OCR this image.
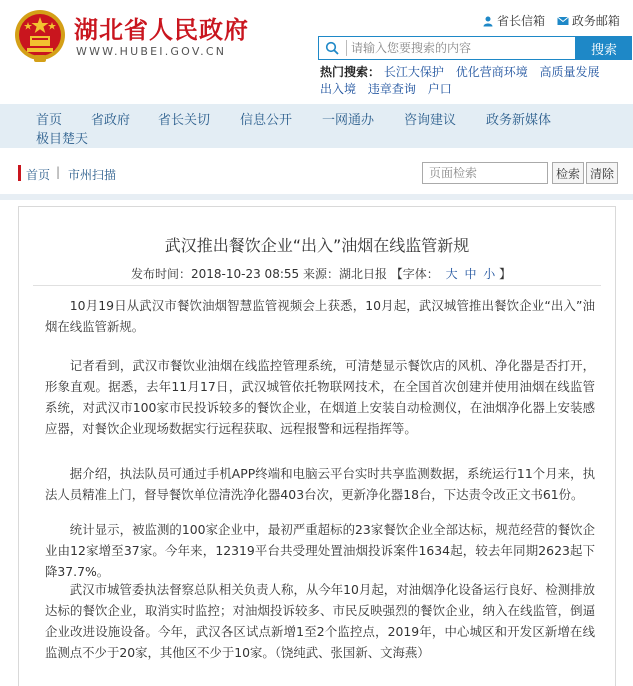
湖北省人民政府
WWW.HUBEI.GOV.CN
省长信箱
政务邮箱
请输入您要搜索的内容
搜索
热门搜索： 长江大保护 优化营商环境 高质量发展
出入境 违章查询 户口
首页 省政府 省长关切 信息公开 一网通办 咨询建议 政务新媒体
极目楚天
首页 | 市州扫描
页面检索	检索 清除
武汉推出餐饮企业“出入”油烟在线监管新规
发布时间：2018-10-23 08:55 来源：湖北日报 【字体： 大 中 小 】

10月19日从武汉市餐饮油烟智慧监管视频会上获悉，10月起，武汉城管推出餐饮企业“出入”油烟在线监管新规。

记者看到，武汉市餐饮业油烟在线监控管理系统，可清楚显示餐饮店的风机、净化器是否打开，形象直观。据悉，去年11月17日，武汉城管依托物联网技术，在全国首次创建并使用油烟在线监管系统，对武汉市100家市民投诉较多的餐饮企业，在烟道上安装自动检测仪，在油烟净化器上安装感应器，对餐饮企业现场数据实行远程获取、远程报警和远程指挥等。

据介绍，执法队员可通过手机APP终端和电脑云平台实时共享监测数据，系统运行11个月来，执法人员精准上门，督导餐饮单位清洗净化器403台次，更新净化器18台，下达责令改正文书61份。

统计显示，被监测的100家企业中，最初严重超标的23家餐饮企业全部达标，规范经营的餐饮企业由12家增至37家。今年来，12319平台共受理处置油烟投诉案件1634起，较去年同期2623起下降37.7%。

武汉市城管委执法督察总队相关负责人称，从今年10月起，对油烟净化设备运行良好、检测排放达标的餐饮企业，取消实时监控；对油烟投诉较多、市民反映强烈的餐饮企业，纳入在线监管，倒逼企业改进设施设备。今年，武汉各区试点新增1至2个监控点，2019年，中心城区和开发区新增在线监测点不少于20家，其他区不少于10家。（饶纯武、张国新、文海燕）
